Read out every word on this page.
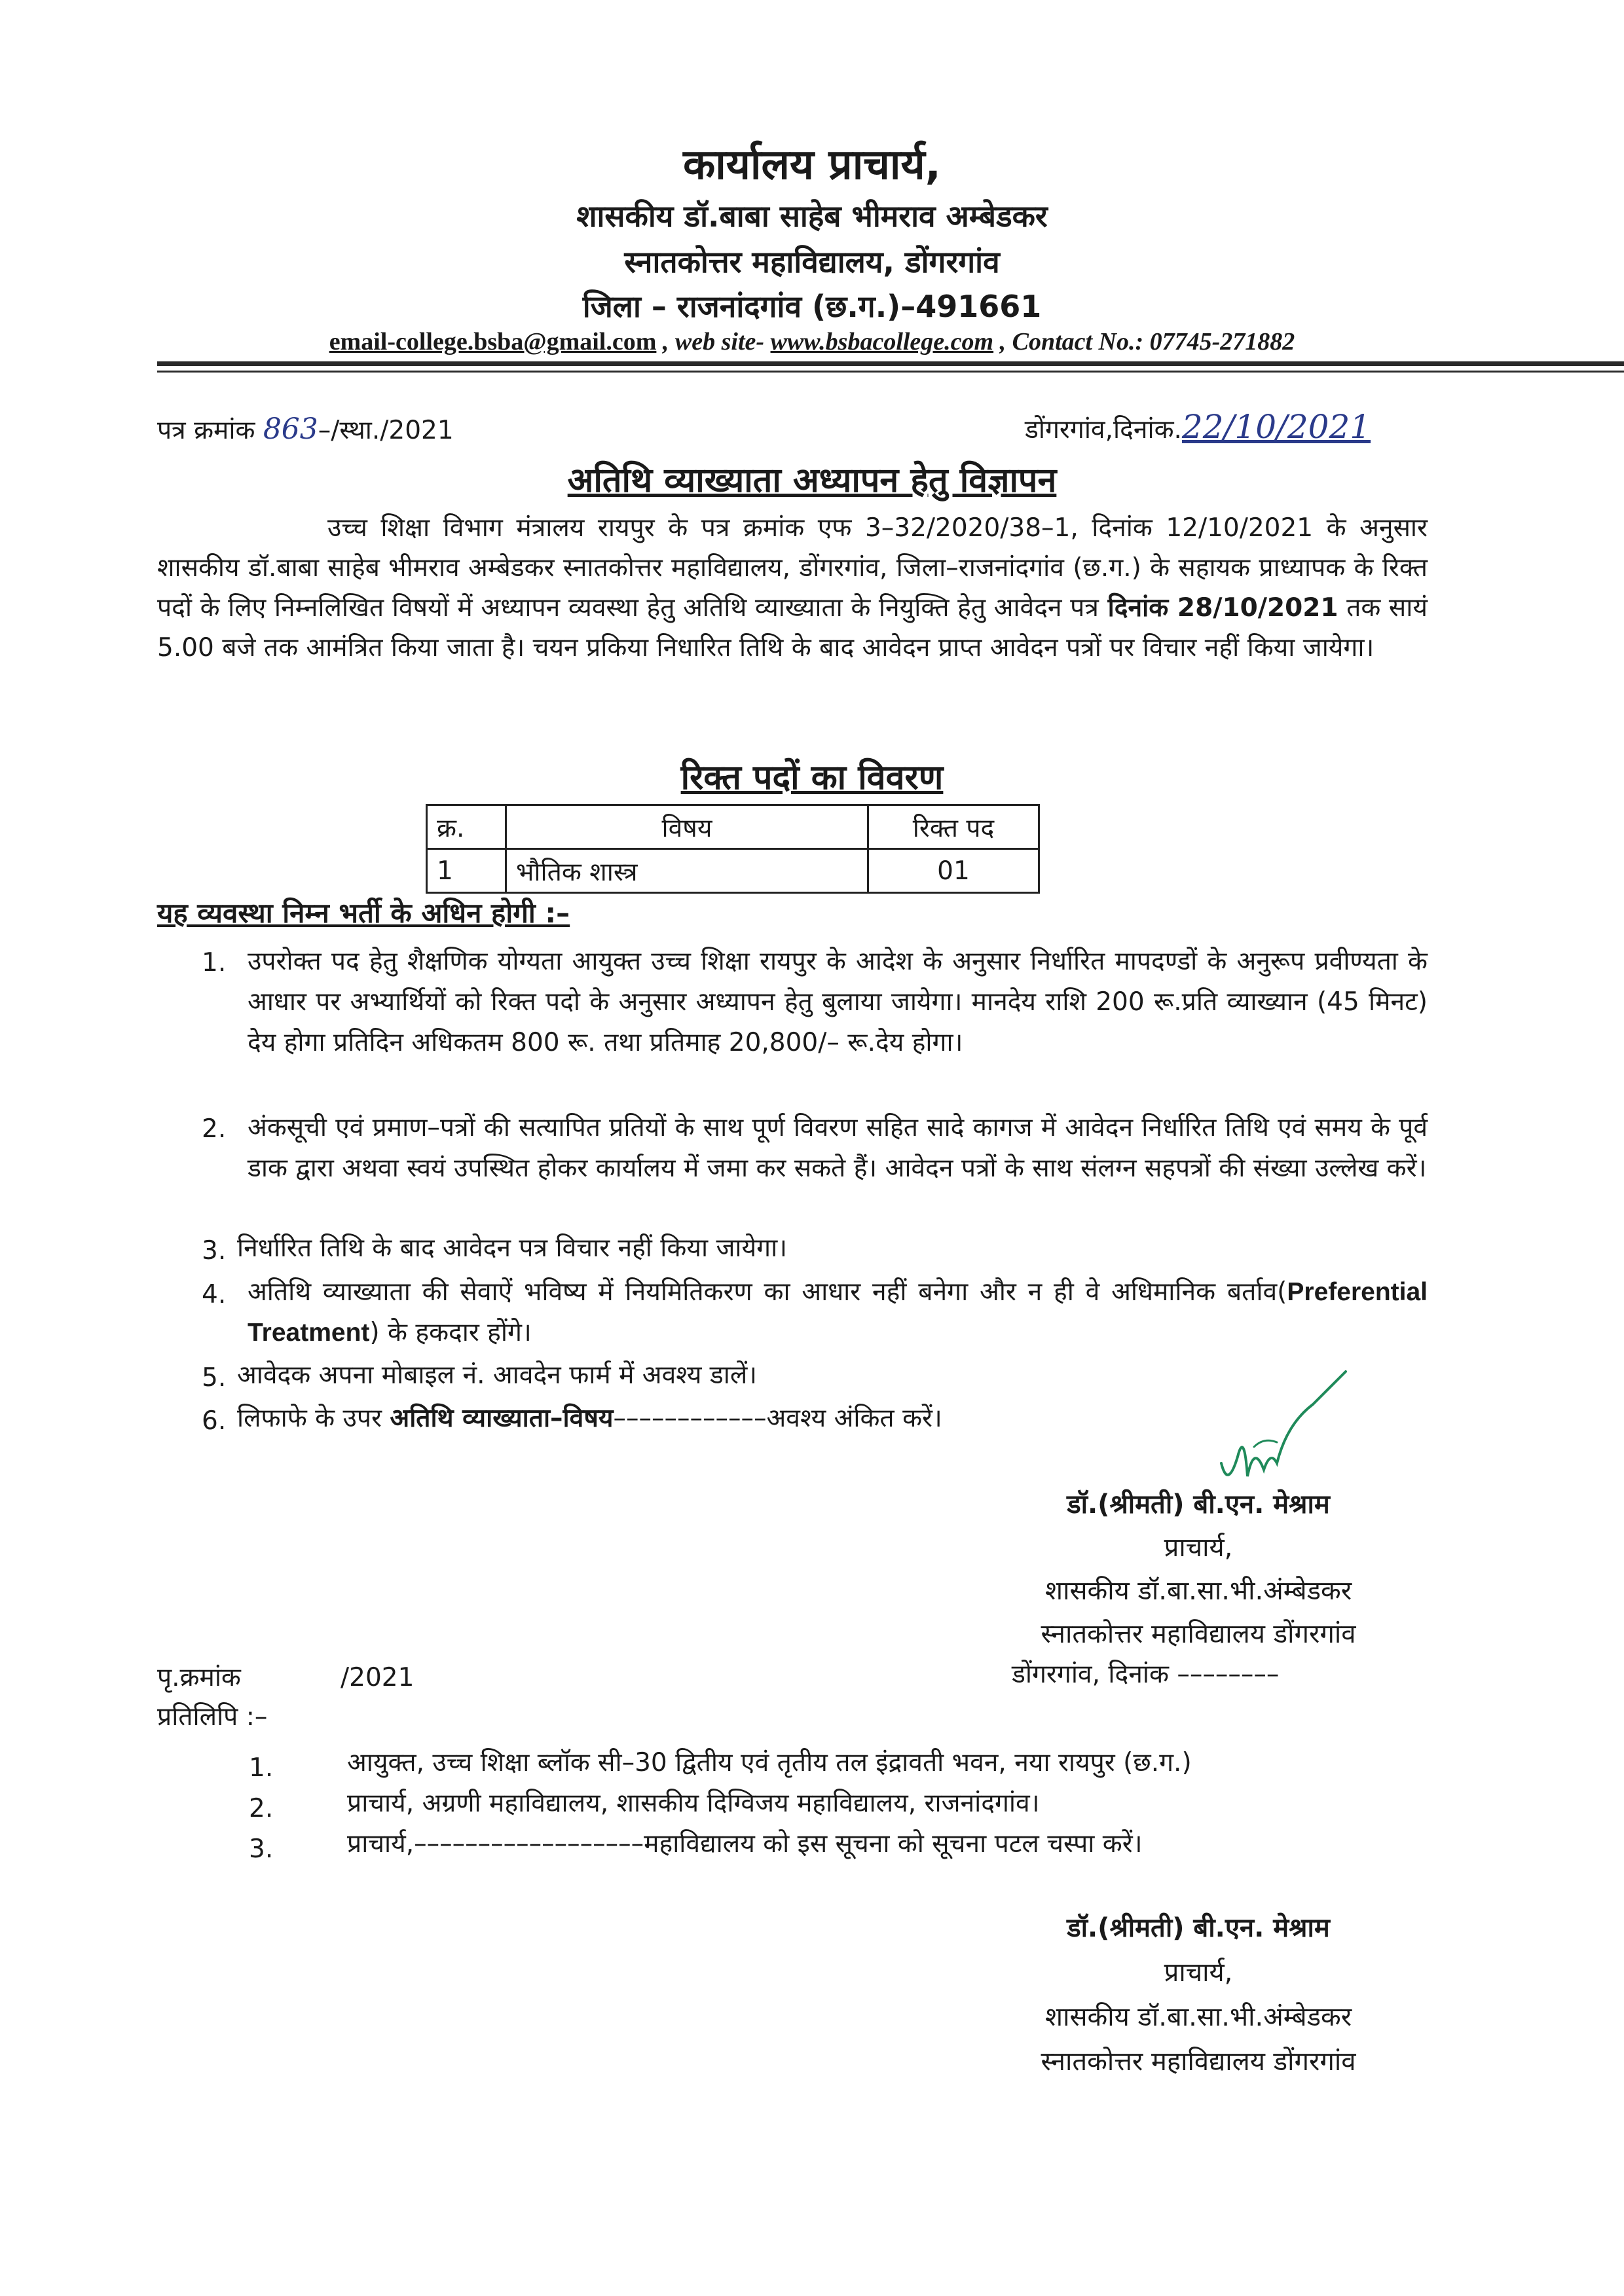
कार्यालय प्राचार्य,
शासकीय डॉ.बाबा साहेब भीमराव अम्बेडकर
स्नातकोत्तर महाविद्यालय, डोंगरगांव
जिला – राजनांदगांव (छ.ग.)–491661
email-college.bsba@gmail.com , web site- www.bsbacollege.com , Contact No.: 07745-271882
पत्र क्रमांक 863–/स्था./2021	डोंगरगांव,दिनांक.22/10/2021
अतिथि व्याख्याता अध्यापन हेतु विज्ञापन
उच्च शिक्षा विभाग मंत्रालय रायपुर के पत्र क्रमांक एफ 3–32/2020/38–1, दिनांक 12/10/2021 के अनुसार शासकीय डॉ.बाबा साहेब भीमराव अम्बेडकर स्नातकोत्तर महाविद्यालय, डोंगरगांव, जिला–राजनांदगांव (छ.ग.) के सहायक प्राध्यापक के रिक्त पदों के लिए निम्नलिखित विषयों में अध्यापन व्यवस्था हेतु अतिथि व्याख्याता के नियुक्ति हेतु आवेदन पत्र दिनांक 28/10/2021 तक सायं 5.00 बजे तक आमंत्रित किया जाता है। चयन प्रकिया निधारित तिथि के बाद आवेदन प्राप्त आवेदन पत्रों पर विचार नहीं किया जायेगा।
रिक्त पदों का विवरण
क्र.	विषय	रिक्त पद
1	भौतिक शास्त्र	01
यह व्यवस्था निम्न भर्ती के अधिन होगी :–
1. उपरोक्त पद हेतु शैक्षणिक योग्यता आयुक्त उच्च शिक्षा रायपुर के आदेश के अनुसार निर्धारित मापदण्डों के अनुरूप प्रवीण्यता के आधार पर अभ्यार्थियों को रिक्त पदो के अनुसार अध्यापन हेतु बुलाया जायेगा। मानदेय राशि 200 रू.प्रति व्याख्यान (45 मिनट) देय होगा प्रतिदिन अधिकतम 800 रू. तथा प्रतिमाह 20,800/– रू.देय होगा।
2. अंकसूची एवं प्रमाण–पत्रों की सत्यापित प्रतियों के साथ पूर्ण विवरण सहित सादे कागज में आवेदन निर्धारित तिथि एवं समय के पूर्व डाक द्वारा अथवा स्वयं उपस्थित होकर कार्यालय में जमा कर सकते हैं। आवेदन पत्रों के साथ संलग्न सहपत्रों की संख्या उल्लेख करें।
3. निर्धारित तिथि के बाद आवेदन पत्र विचार नहीं किया जायेगा।
4. अतिथि व्याख्याता की सेवाऐं भविष्य में नियमितिकरण का आधार नहीं बनेगा और न ही वे अधिमानिक बर्ताव(Preferential Treatment) के हकदार होंगे।
5. आवेदक अपना मोबाइल नं. आवदेन फार्म में अवश्य डालें।
6. लिफाफे के उपर अतिथि व्याख्याता–विषय––––––––––––अवश्य अंकित करें।
डॉ.(श्रीमती) बी.एन. मेश्राम
प्राचार्य,
शासकीय डॉ.बा.सा.भी.अंम्बेडकर
स्नातकोत्तर महाविद्यालय डोंगरगांव
डोंगरगांव, दिनांक ––––––––
पृ.क्रमांक	/2021
प्रतिलिपि :–
1.	आयुक्त, उच्च शिक्षा ब्लॉक सी–30 द्वितीय एवं तृतीय तल इंद्रावती भवन, नया रायपुर (छ.ग.)
2.	प्राचार्य, अग्रणी महाविद्यालय, शासकीय दिग्विजय महाविद्यालय, राजनांदगांव।
3.	प्राचार्य,––––––––––––––––––महाविद्यालय को इस सूचना को सूचना पटल चस्पा करें।
डॉ.(श्रीमती) बी.एन. मेश्राम
प्राचार्य,
शासकीय डॉ.बा.सा.भी.अंम्बेडकर
स्नातकोत्तर महाविद्यालय डोंगरगांव
